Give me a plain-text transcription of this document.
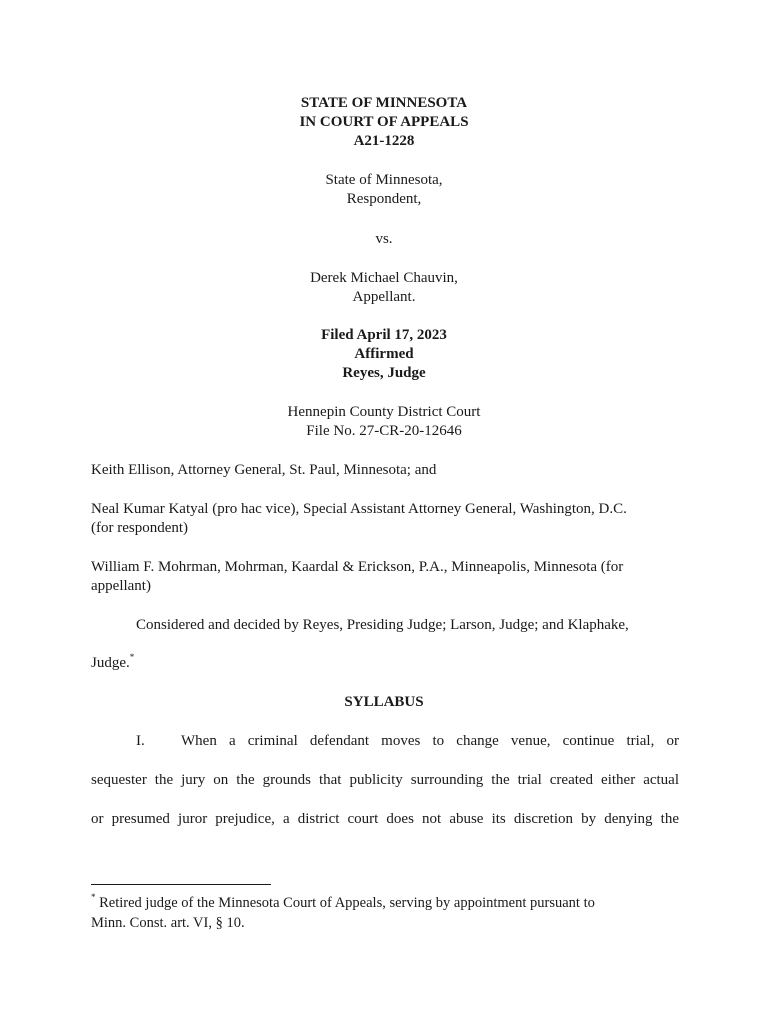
STATE OF MINNESOTA
IN COURT OF APPEALS
A21-1228
State of Minnesota,
Respondent,
vs.
Derek Michael Chauvin,
Appellant.
Filed April 17, 2023
Affirmed
Reyes, Judge
Hennepin County District Court
File No. 27-CR-20-12646
Keith Ellison, Attorney General, St. Paul, Minnesota; and
Neal Kumar Katyal (pro hac vice), Special Assistant Attorney General, Washington, D.C.
(for respondent)
William F. Mohrman, Mohrman, Kaardal & Erickson, P.A., Minneapolis, Minnesota (for
appellant)
Considered and decided by Reyes, Presiding Judge; Larson, Judge; and Klaphake,
Judge.*
SYLLABUS
I. When a criminal defendant moves to change venue, continue trial, or
sequester the jury on the grounds that publicity surrounding the trial created either actual
or presumed juror prejudice, a district court does not abuse its discretion by denying the
* Retired judge of the Minnesota Court of Appeals, serving by appointment pursuant to
Minn. Const. art. VI, § 10.
